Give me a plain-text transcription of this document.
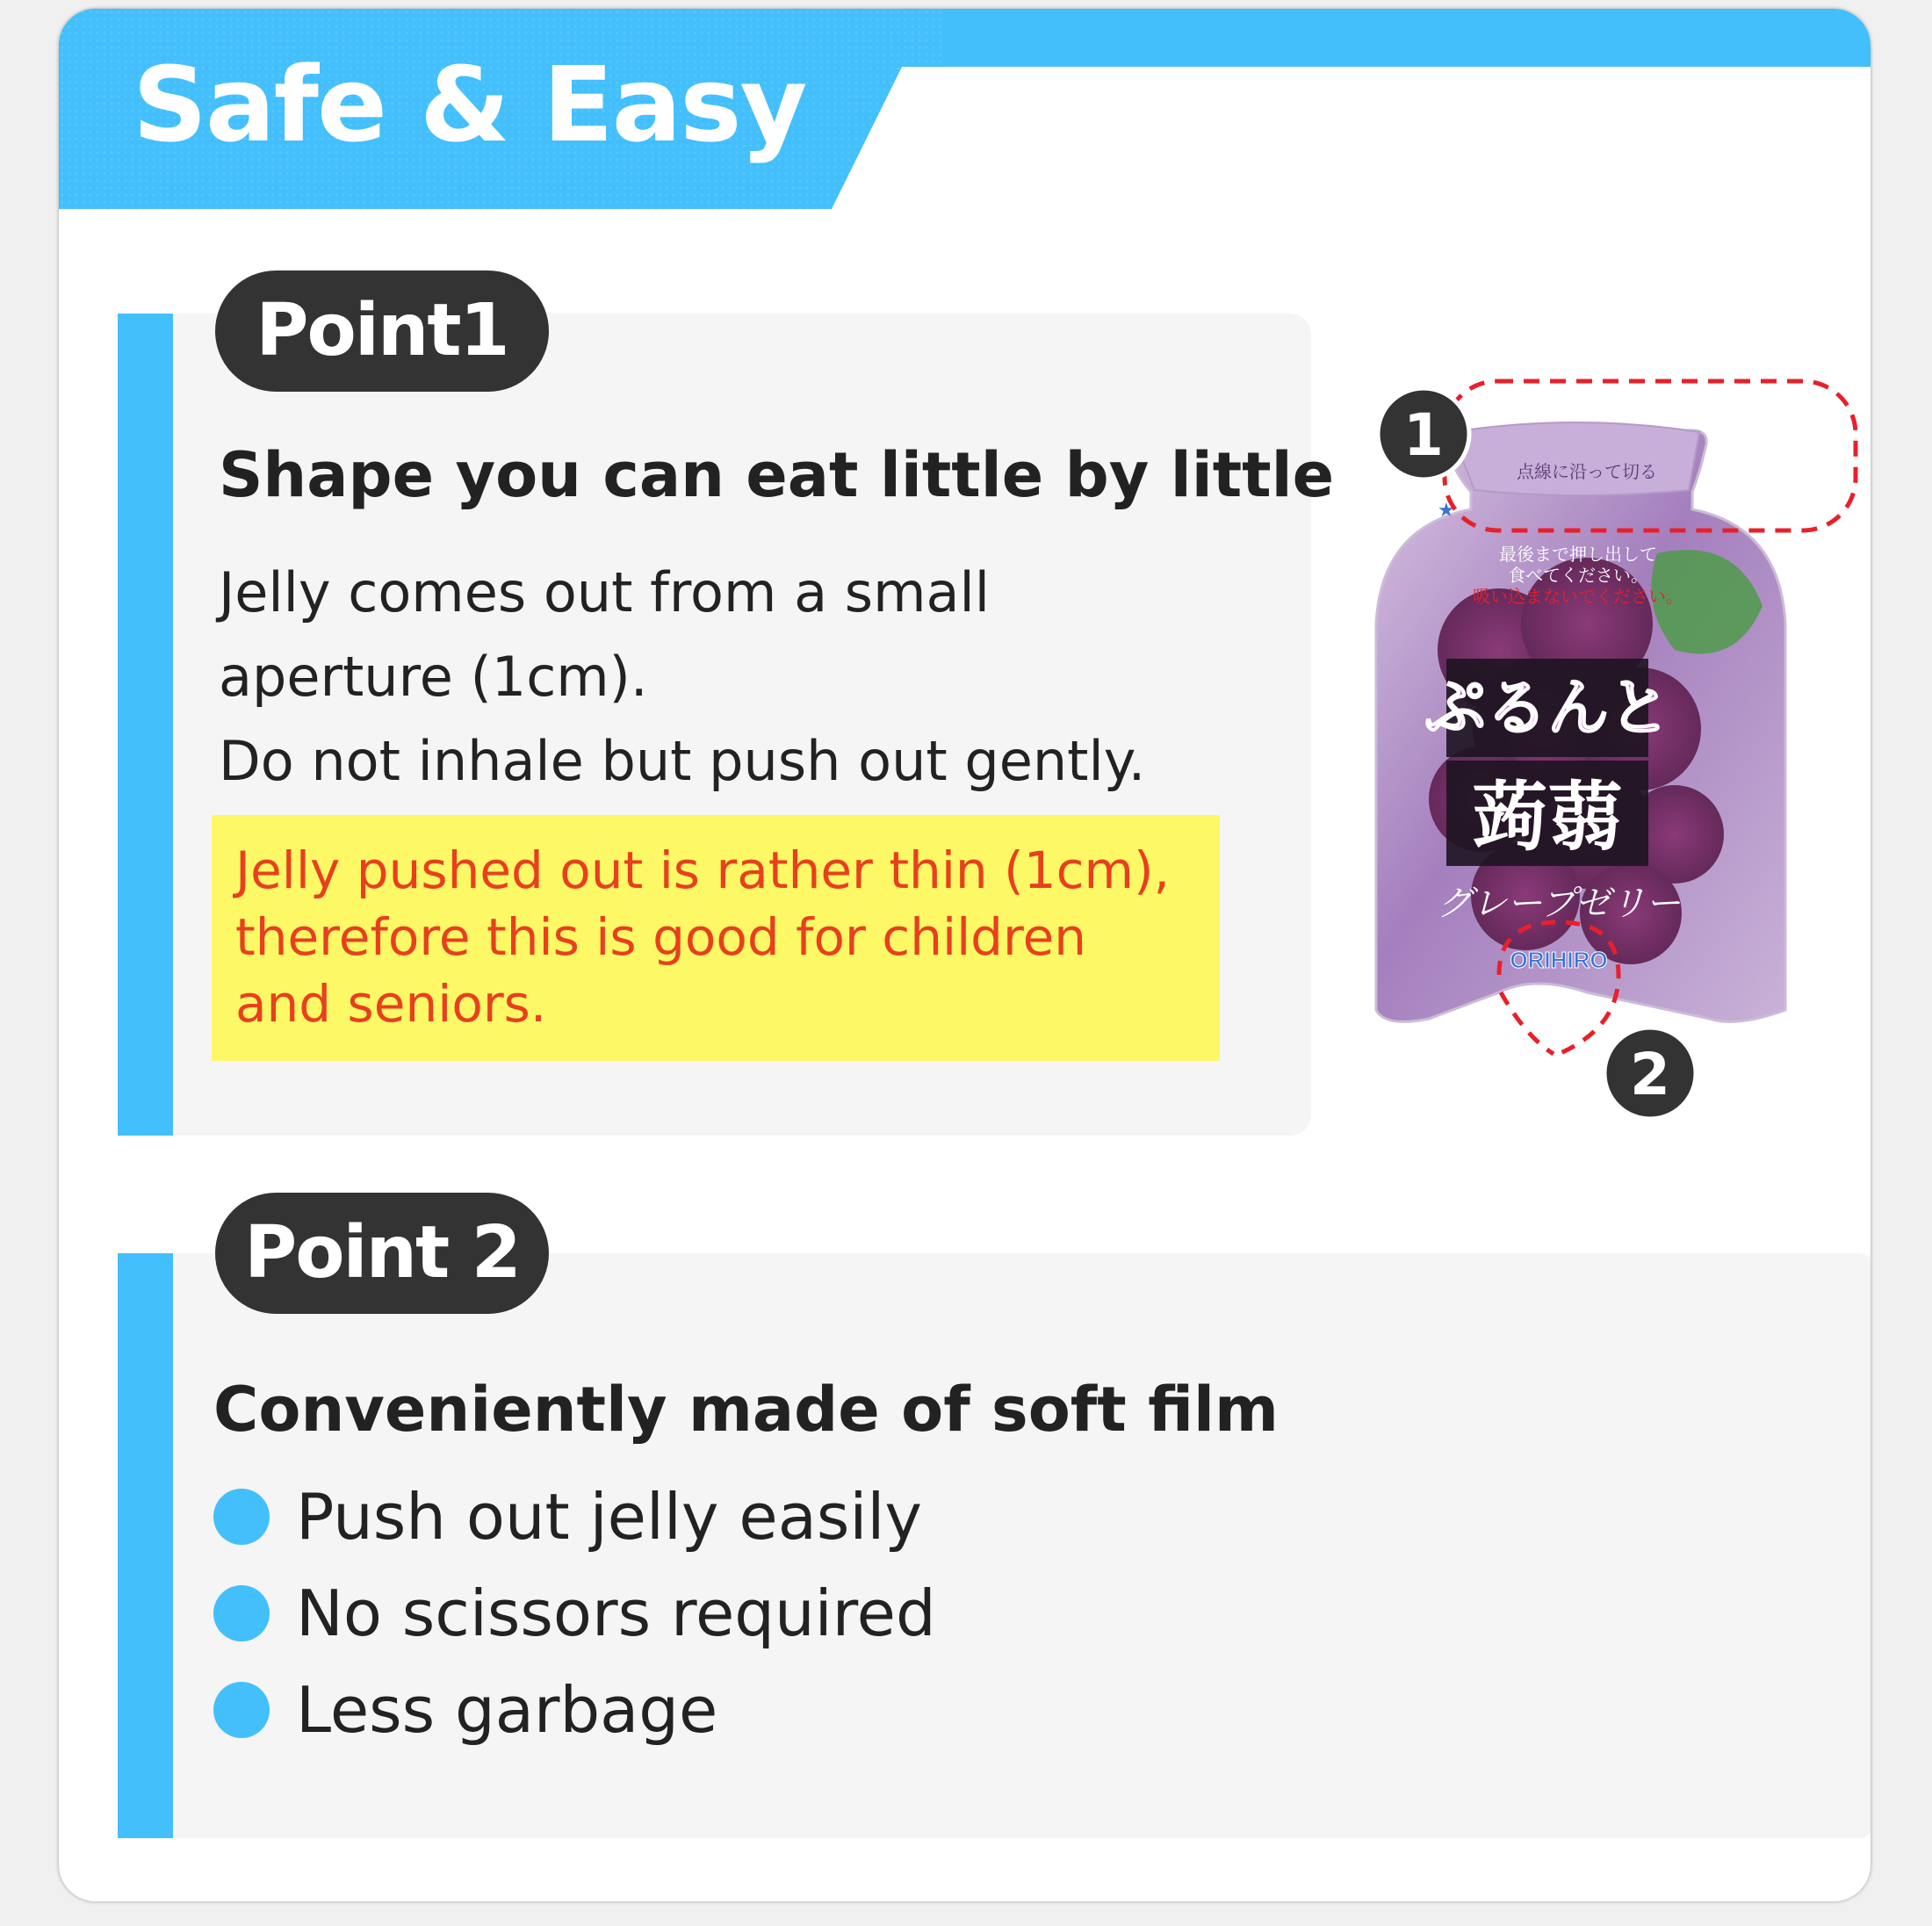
Safe & Easy
Point1
Shape you can eat little by little
Jelly comes out from a small
aperture (1cm).
Do not inhale but push out gently.
Jelly pushed out is rather thin (1cm),
therefore this is good for children
and seniors.
点線に沿って切る
★
最後まで押し出して
食べてください。
吸い込まないでください。
ぷるんと
蒟蒻
グレープゼリー
ORIHIRO
1
2
Point 2
Conveniently made of soft film
Push out jelly easily
No scissors required
Less garbage
